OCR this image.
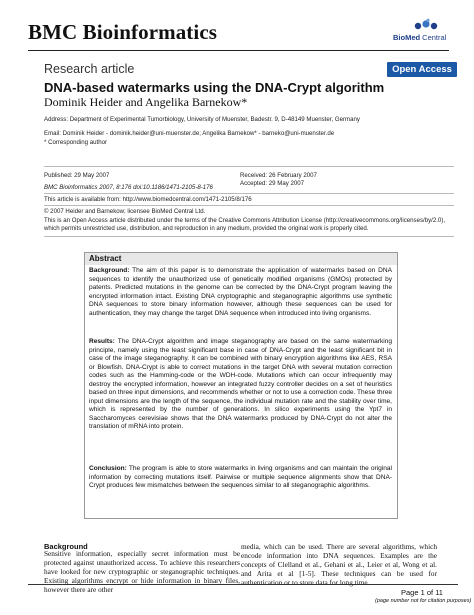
BMC Bioinformatics	BioMed Central
Research article	Open Access
DNA-based watermarks using the DNA-Crypt algorithm
Dominik Heider and Angelika Barnekow*
Address: Department of Experimental Tumorbiology, University of Muenster, Badestr. 9, D-48149 Muenster, Germany
Email: Dominik Heider - dominik.heider@uni-muenster.de; Angelika Barnekow* - barneko@uni-muenster.de
* Corresponding author
Published: 29 May 2007	Received: 26 February 2007
Accepted: 29 May 2007
BMC Bioinformatics 2007, 8:176 doi:10.1186/1471-2105-8-176
This article is available from: http://www.biomedcentral.com/1471-2105/8/176
© 2007 Heider and Barnekow; licensee BioMed Central Ltd.
This is an Open Access article distributed under the terms of the Creative Commons Attribution License (http://creativecommons.org/licenses/by/2.0),
which permits unrestricted use, distribution, and reproduction in any medium, provided the original work is properly cited.
Abstract
Background: The aim of this paper is to demonstrate the application of watermarks based on DNA sequences to identify the unauthorized use of genetically modified organisms (GMOs) protected by patents. Predicted mutations in the genome can be corrected by the DNA-Crypt program leaving the encrypted information intact. Existing DNA cryptographic and steganographic algorithms use synthetic DNA sequences to store binary information however, although these sequences can be used for authentication, they may change the target DNA sequence when introduced into living organisms.
Results: The DNA-Crypt algorithm and image steganography are based on the same watermarking principle, namely using the least significant base in case of DNA-Crypt and the least significant bit in case of the image steganography. It can be combined with binary encryption algorithms like AES, RSA or Blowfish. DNA-Crypt is able to correct mutations in the target DNA with several mutation correction codes such as the Hamming-code or the WDH-code. Mutations which can occur infrequently may destroy the encrypted information, however an integrated fuzzy controller decides on a set of heuristics based on three input dimensions, and recommends whether or not to use a correction code. These three input dimensions are the length of the sequence, the individual mutation rate and the stability over time, which is represented by the number of generations. In silico experiments using the Ypt7 in Saccharomyces cerevisiae shows that the DNA watermarks produced by DNA-Crypt do not alter the translation of mRNA into protein.
Conclusion: The program is able to store watermarks in living organisms and can maintain the original information by correcting mutations itself. Pairwise or multiple sequence alignments show that DNA-Crypt produces few mismatches between the sequences similar to all steganographic algorithms.
Background
Sensitive information, especially secret information must be protected against unauthorized access. To achieve this researchers have looked for new cryptographic or steganographic techniques. Existing algorithms encrypt or hide information in binary files, however there are other
media, which can be used. There are several algorithms, which encode information into DNA sequences. Examples are the concepts of Clelland et al., Gehani et al., Leier et al, Wong et al. and Arita et al [1-5]. These techniques can be used for authentication or to store data for long time.
Page 1 of 11
(page number not for citation purposes)
